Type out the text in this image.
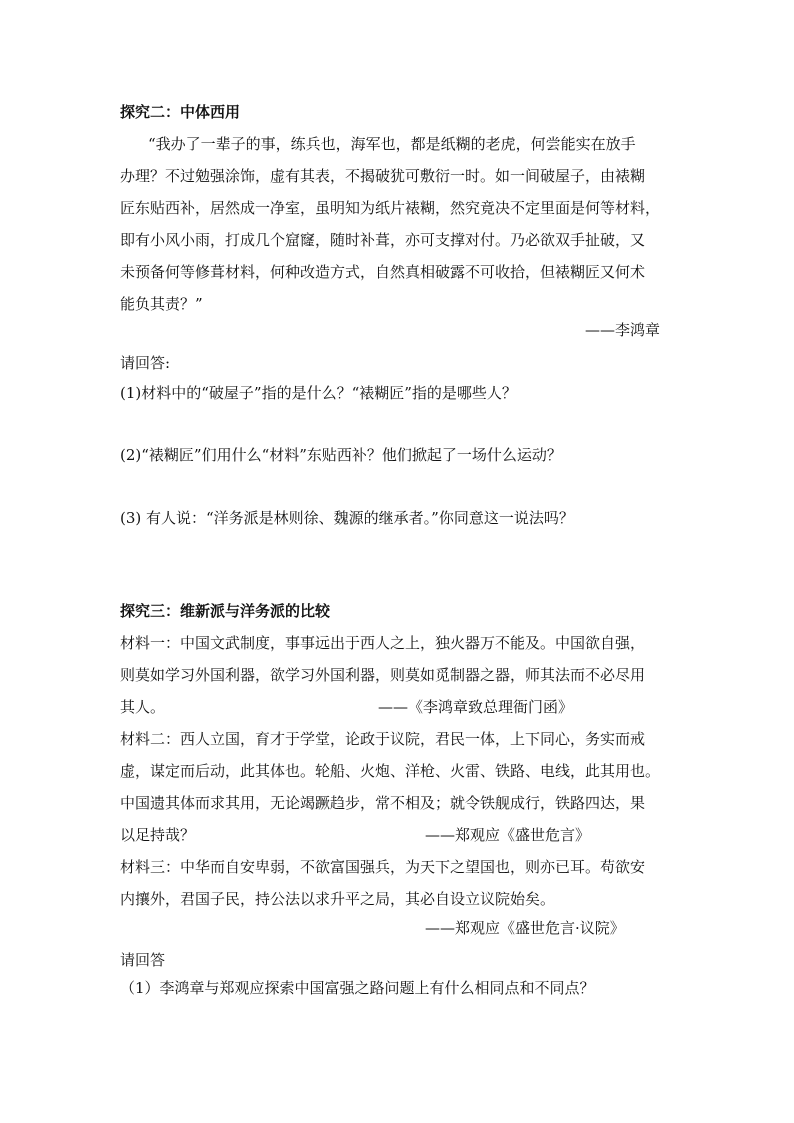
探究二：中体西用
“我办了一辈子的事，练兵也，海军也，都是纸糊的老虎，何尝能实在放手
办理？不过勉强涂饰，虚有其表，不揭破犹可敷衍一时。如一间破屋子，由裱糊
匠东贴西补，居然成一净室，虽明知为纸片裱糊，然究竟决不定里面是何等材料，
即有小风小雨，打成几个窟窿，随时补葺，亦可支撑对付。乃必欲双手扯破，又
未预备何等修葺材料，何种改造方式，自然真相破露不可收拾，但裱糊匠又何术
能负其责？”
——李鸿章
请回答:
(1)材料中的“破屋子”指的是什么？“裱糊匠”指的是哪些人？
(2)“裱糊匠”们用什么“材料”东贴西补？他们掀起了一场什么运动？
(3) 有人说：“洋务派是林则徐、魏源的继承者。”你同意这一说法吗？
探究三：维新派与洋务派的比较
材料一：中国文武制度，事事远出于西人之上，独火器万不能及。中国欲自强，
则莫如学习外国利器，欲学习外国利器，则莫如觅制器之器，师其法而不必尽用
其人。	——《李鸿章致总理衙门函》
材料二：西人立国，育才于学堂，论政于议院，君民一体，上下同心，务实而戒
虚，谋定而后动，此其体也。轮船、火炮、洋枪、火雷、铁路、电线，此其用也。
中国遗其体而求其用，无论竭蹶趋步，常不相及；就令铁舰成行，铁路四达，果
以足持哉？	——郑观应《盛世危言》
材料三：中华而自安卑弱，不欲富国强兵，为天下之望国也，则亦已耳。苟欲安
内攘外，君国子民，持公法以求升平之局，其必自设立议院始矣。
——郑观应《盛世危言·议院》
请回答
（1）李鸿章与郑观应探索中国富强之路问题上有什么相同点和不同点？
